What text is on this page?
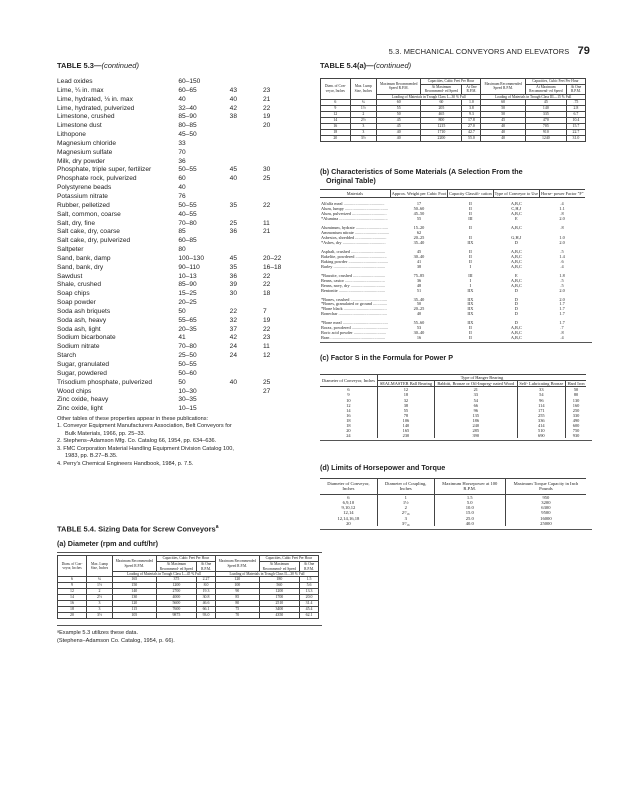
5.3. MECHANICAL CONVEYORS AND ELEVATORS 79
TABLE 5.3—(continued)
Lead oxides	60–150		
Lime, ¼ in. max	60–65	43	23
Lime, hydrated, ⅛ in. max	40	40	21
Lime, hydrated, pulverized	32–40	42	22
Limestone, crushed	85–90	38	19
Limestone dust	80–85		20
Lithopone	45–50		
Magnesium chloride	33		
Magnesium sulfate	70		
Milk, dry powder	36		
Phosphate, triple super, fertilizer	50–55	45	30
Phosphate rock, pulverized	60	40	25
Polystyrene beads	40		
Potassium nitrate	76		
Rubber, pelletized	50–55	35	22
Salt, common, coarse	40–55		
Salt, dry, fine	70–80	25	11
Salt cake, dry, coarse	85	36	21
Salt cake, dry, pulverized	60–85		
Saltpeter	80		
Sand, bank, damp	100–130	45	20–22
Sand, bank, dry	90–110	35	16–18
Sawdust	10–13	36	22
Shale, crushed	85–90	39	22
Soap chips	15–25	30	18
Soap powder	20–25		
Soda ash briquets	50	22	7
Soda ash, heavy	55–65	32	19
Soda ash, light	20–35	37	22
Sodium bicarbonate	41	42	23
Sodium nitrate	70–80	24	11
Starch	25–50	24	12
Sugar, granulated	50–55		
Sugar, powdered	50–60		
Trisodium phosphate, pulverized	50	40	25
Wood chips	10–30		27
Zinc oxide, heavy	30–35		
Zinc oxide, light	10–15		
Other tables of these properties appear in these publications:
1. Conveyor Equipment Manufacturers Association, Belt Conveyors for
Bulk Materials, 1966, pp. 25–33.
2. Stephens–Adamson Mfg. Co. Catalog 66, 1954, pp. 634–636.
3. FMC Corporation Material Handling Equipment Division Catalog 100,
1983, pp. B.27–B.35.
4. Perry's Chemical Engineers Handbook, 1984, p. 7.5.
TABLE 5.4. Sizing Data for Screw Conveyors$^a$
(a) Diameter (rpm and cuft/hr)
Diam. of Con- veyor, Inches	Max. Lump Size, Inches	Maximum Recommended Speed R.P.M.	Capacities, Cubic Feet Per Hour		Maximum Recommended Speed R.P.M.	Capacities, Cubic Feet Per Hour	
			At Maximum Recommend- ed Speed	At One R.P.M.		At Maximum Recommend- ed Speed	At One R.P.M.
		Loading of Materials in Trough Class I—45 % Full			Loading of Materials in Trough Class II—30 % Full		
6	¾	165	375	2.27	120	180	1.5
9	1½	150	1200	8.0	100	560	5.6
12	2	140	2700	19.3	90	1200	13.3
14	2½	130	4000	30.8	85	1700	20.0
16	3	120	5600	46.6	80	2510	31.4
18	3	115	7600	66.1	75	3400	45.4
20	3½	105	9875	93.0	70	4350	62.1
ᵃExample 5.3 utilizes these data.
(Stephens–Adamson Co. Catalog, 1954, p. 66).
TABLE 5.4(a)—(continued)
Diam. of Con- veyor, Inches	Max. Lump Size, Inches	Maximum Recommended Speed R.P.M.	Capacities, Cubic Feet Per Hour		Maximum Recommended Speed R.P.M.	Capacities, Cubic Feet Per Hour	
			At Maximum Recommend- ed Speed	At One R.P.M.		At Maximum Recommend- ed Speed	At One R.P.M.
		Loading of Materials in Trough Class I—30 % Full			Loading of Materials in Trough Class III—15 % Full		
6	¾	60	60	1.0	60	45	.75
9	1½	55	205	3.8	50	140	2.8
12	2	50	465	9.3	50	335	6.7
14	2½	45	800	17.8	45	470	10.4
16	3	45	1215	27.0	40	705	15.7
18	3	40	1710	42.7	40	910	22.7
20	3½	40	2200	55.0	40	1240	31.0
(b) Characteristics of Some Materials (A Selection From the
Original Table)
Materials	Approx. Weight per Cubic Foot	Capacity Classifi- cation	Type of Conveyor to Use	Horse- power Factor "F"

Alfalfa meal ......................................	17	II	A,B,C	.4
Alum, lumpy ........................................	50–60	II	C,H,J	1.1
Alum, pulverized ................................	45–50	II	A,B,C	.8
*Alumina .............................................	55	III	E	2.0

Aluminum, hydrate ..............................	15–20	II	A,B,C	.8
Ammonium nitrate ................................	62			
Asbestos, shredded .............................	20–25	II	G,H,J	1.0
*Ashes, dry ........................................	35–40	IIX	D	2.0

Asphalt, crushed ................................	45	II	A,B,C	.5
Bakelite, powdered .............................	30–40	II	A,B,C	1.4
Baking powder .....................................	41	II	A,B,C	.6
Barley ................................................	38	I	A,B,C	.4

*Bauxite, crushed ..............................	75–85	III	E	1.8
Beans, castor .....................................	36	I	A,B,C	.5
Beans, navy, dry ................................	48	I	A,B,C	.5
Bentonite ...........................................	51	IIX	D	2.0

*Bones, crushed ..................................	35–40	IIX	D	2.0
*Bones, granulated or ground .............	50	IIX	D	1.7
*Bone black ........................................	20–25	IIX	D	1.7
Bonechar .............................................	40	IIX	D	1.7

*Bone meal ..........................................	55–60	IIX	D	1.7
Borax, powdered ..................................	53	II	A,B,C	.7
Boric acid powder ..............................	30–40	II	A,B,C	.8
Bran ...................................................	16	II	A,B,C	.4
(c) Factor S in the Formula for Power P
Diameter of Conveyor, Inches	Type of Hanger Bearing			
	SEALMASTER Ball Bearing	Babbitt, Bronze or Oil-Impreg- nated Wood	Self- Lubricating Bronze	Hard Iron
6	12	21	33	50
9	18	33	54	80
10	32	54	96	130
12	38	66	114	160
14	55	96	171	250
16	78	135	255	330
18	106	186	336	490
18	140	240	414	600
20	165	285	510	750
24	230	390	690	930
(d) Limits of Horsepower and Torque
Diameter of Conveyor, Inches	Diameter of Coupling, Inches	Maximum Horsepower at 100 R.P.M.	Maximum Torque Capacity in Inch Pounds
6	1	1.5	950
6,9,10	1½	5.0	3200
9,10,12	2	10.0	6300
12,14	2⁷⁄₁₆	15.0	9500
12,14,16,18	3	25.0	16000
20	3⁷⁄₁₆	40.0	25000
